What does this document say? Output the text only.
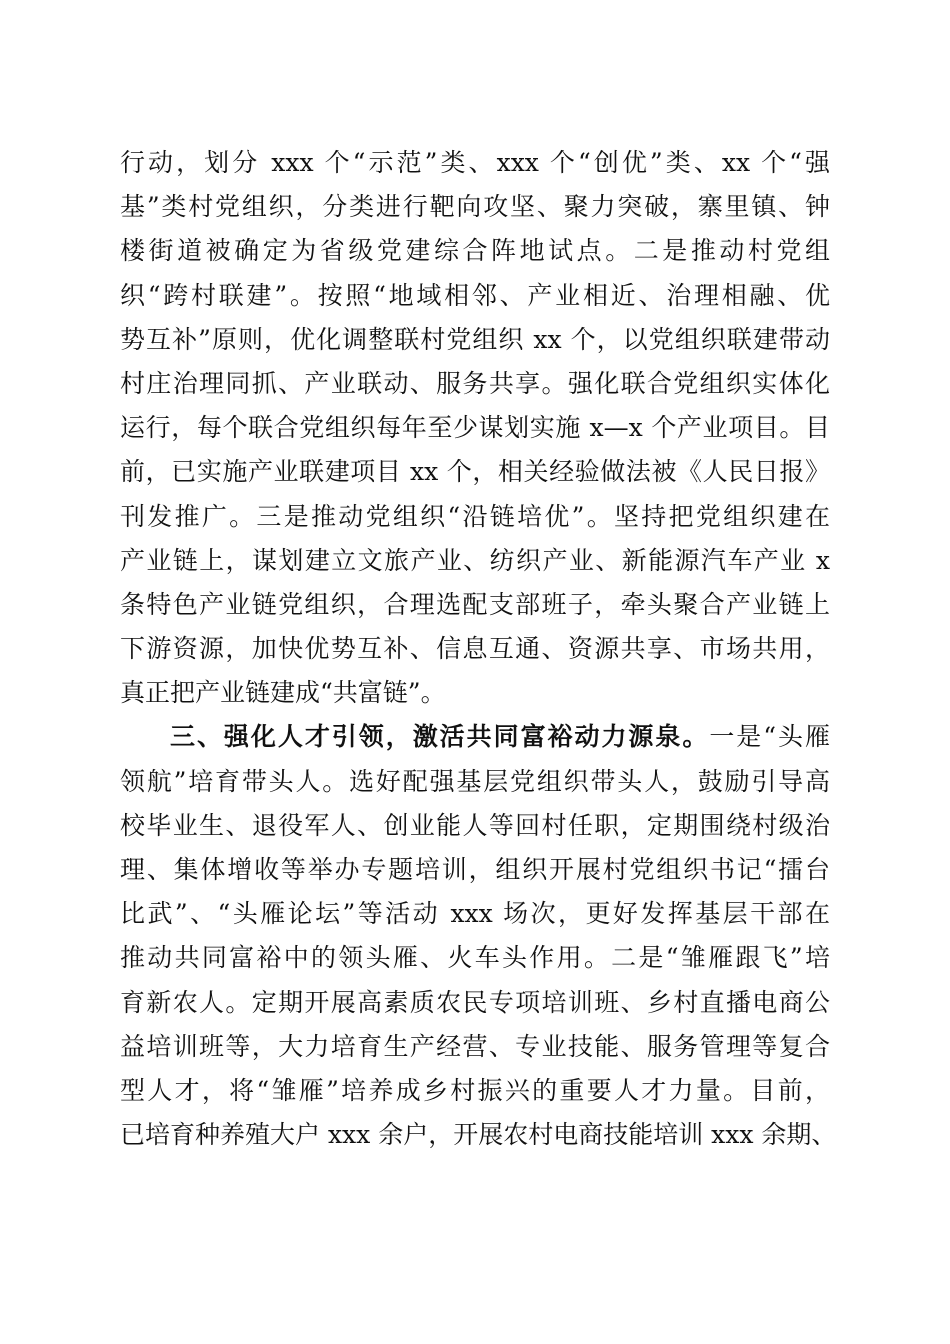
行动，划分 xxx 个“示范”类、xxx 个“创优”类、xx 个“强
基”类村党组织，分类进行靶向攻坚、聚力突破，寨里镇、钟
楼街道被确定为省级党建综合阵地试点。二是推动村党组
织“跨村联建”。按照“地域相邻、产业相近、治理相融、优
势互补”原则，优化调整联村党组织 xx 个，以党组织联建带动
村庄治理同抓、产业联动、服务共享。强化联合党组织实体化
运行，每个联合党组织每年至少谋划实施 x—x 个产业项目。目
前，已实施产业联建项目 xx 个，相关经验做法被《人民日报》
刊发推广。三是推动党组织“沿链培优”。坚持把党组织建在
产业链上，谋划建立文旅产业、纺织产业、新能源汽车产业 x
条特色产业链党组织，合理选配支部班子，牵头聚合产业链上
下游资源，加快优势互补、信息互通、资源共享、市场共用，
真正把产业链建成“共富链”。
三、强化人才引领，激活共同富裕动力源泉。一是“头雁
领航”培育带头人。选好配强基层党组织带头人，鼓励引导高
校毕业生、退役军人、创业能人等回村任职，定期围绕村级治
理、集体增收等举办专题培训，组织开展村党组织书记“擂台
比武”、“头雁论坛”等活动 xxx 场次，更好发挥基层干部在
推动共同富裕中的领头雁、火车头作用。二是“雏雁跟飞”培
育新农人。定期开展高素质农民专项培训班、乡村直播电商公
益培训班等，大力培育生产经营、专业技能、服务管理等复合
型人才，将“雏雁”培养成乡村振兴的重要人才力量。目前，
已培育种养殖大户 xxx 余户，开展农村电商技能培训 xxx 余期、
